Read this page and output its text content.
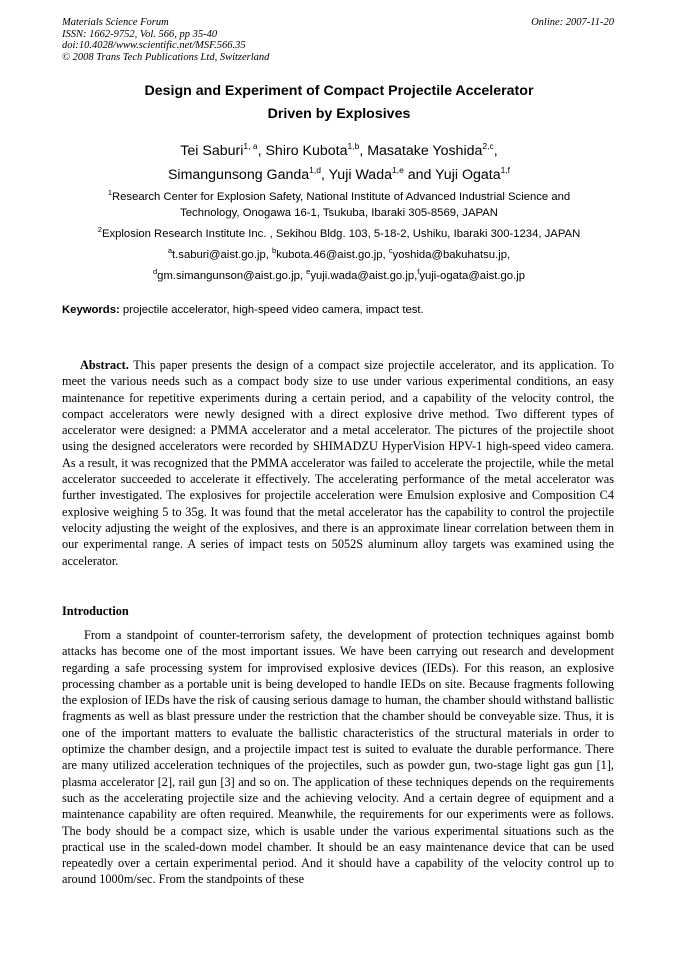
Materials Science Forum
ISSN: 1662-9752, Vol. 566, pp 35-40
doi:10.4028/www.scientific.net/MSF.566.35
© 2008 Trans Tech Publications Ltd, Switzerland
Online: 2007-11-20
Design and Experiment of Compact Projectile Accelerator
Driven by Explosives
Tei Saburi$^{1, a}$, Shiro Kubota$^{1,b}$, Masatake Yoshida$^{2,c}$,
Simangunsong Ganda$^{1,d}$, Yuji Wada$^{1,e}$ and Yuji Ogata$^{1,f}$
$^1$Research Center for Explosion Safety, National Institute of Advanced Industrial Science and
Technology, Onogawa 16-1, Tsukuba, Ibaraki 305-8569, JAPAN
$^2$Explosion Research Institute Inc. , Sekihou Bldg. 103, 5-18-2, Ushiku, Ibaraki 300-1234, JAPAN
$^a$t.saburi@aist.go.jp, $^b$kubota.46@aist.go.jp, $^c$yoshida@bakuhatsu.jp,
$^d$gm.simangunson@aist.go.jp, $^e$yuji.wada@aist.go.jp,$^f$yuji-ogata@aist.go.jp
Keywords: projectile accelerator, high-speed video camera, impact test.
Abstract. This paper presents the design of a compact size projectile accelerator, and its application. To meet the various needs such as a compact body size to use under various experimental conditions, an easy maintenance for repetitive experiments during a certain period, and a capability of the velocity control, the compact accelerators were newly designed with a direct explosive drive method. Two different types of accelerator were designed: a PMMA accelerator and a metal accelerator. The pictures of the projectile shoot using the designed accelerators were recorded by SHIMADZU HyperVision HPV-1 high-speed video camera. As a result, it was recognized that the PMMA accelerator was failed to accelerate the projectile, while the metal accelerator succeeded to accelerate it effectively. The accelerating performance of the metal accelerator was further investigated. The explosives for projectile acceleration were Emulsion explosive and Composition C4 explosive weighing 5 to 35g. It was found that the metal accelerator has the capability to control the projectile velocity adjusting the weight of the explosives, and there is an approximate linear correlation between them in our experimental range. A series of impact tests on 5052S aluminum alloy targets was examined using the accelerator.
Introduction
From a standpoint of counter-terrorism safety, the development of protection techniques against bomb attacks has become one of the most important issues. We have been carrying out research and development regarding a safe processing system for improvised explosive devices (IEDs). For this reason, an explosive processing chamber as a portable unit is being developed to handle IEDs on site. Because fragments following the explosion of IEDs have the risk of causing serious damage to human, the chamber should withstand ballistic fragments as well as blast pressure under the restriction that the chamber should be conveyable size. Thus, it is one of the important matters to evaluate the ballistic characteristics of the structural materials in order to optimize the chamber design, and a projectile impact test is suited to evaluate the durable performance. There are many utilized acceleration techniques of the projectiles, such as powder gun, two-stage light gas gun [1], plasma accelerator [2], rail gun [3] and so on. The application of these techniques depends on the requirements such as the accelerating projectile size and the achieving velocity. And a certain degree of equipment and a maintenance capability are often required. Meanwhile, the requirements for our experiments were as follows. The body should be a compact size, which is usable under the various experimental situations such as the practical use in the scaled-down model chamber. It should be an easy maintenance device that can be used repeatedly over a certain experimental period. And it should have a capability of the velocity control up to around 1000m/sec. From the standpoints of these
